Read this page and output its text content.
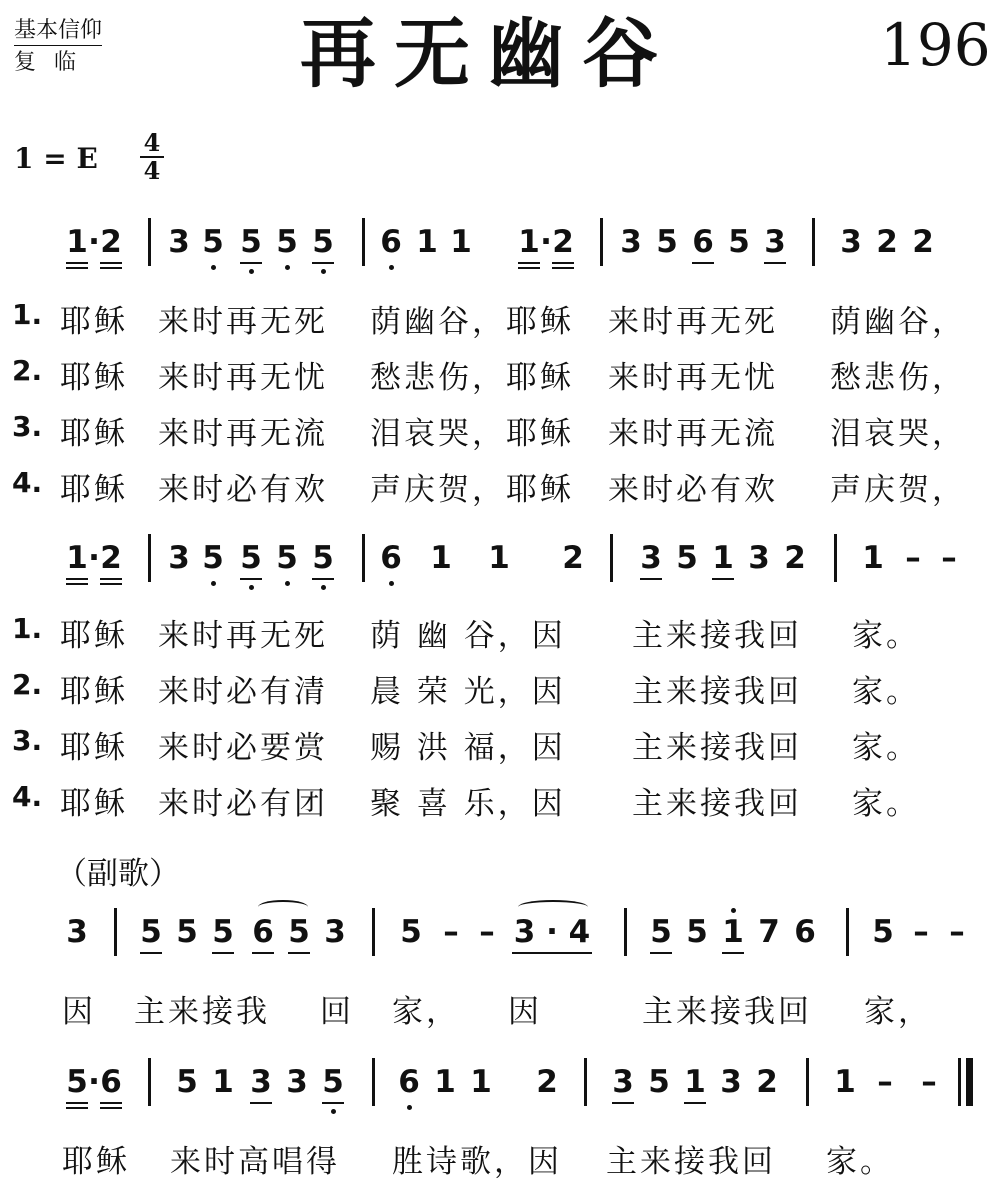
基本信仰
复临	再无幽谷	196
1 = E $\frac{4}{4}$
1 · 2 3 5 5 5 5 6 1 1 1 · 2 3 5 6 5 3 3 2 2
1. 耶稣 来时再无死 荫幽谷，耶稣 来时再无死 荫幽谷，
2. 耶稣 来时再无忧 愁悲伤，耶稣 来时再无忧 愁悲伤，
3. 耶稣 来时再无流 泪哀哭，耶稣 来时再无流 泪哀哭，
4. 耶稣 来时必有欢 声庆贺，耶稣 来时必有欢 声庆贺，
1 · 2 3 5 5 5 5 6 1 1 2 3 5 1 3 2 1 – –
1. 耶稣 来时再无死 荫 幽 谷，因 主来接我回 家。
2. 耶稣 来时必有清 晨 荣 光，因 主来接我回 家。
3. 耶稣 来时必要赏 赐 洪 福，因 主来接我回 家。
4. 耶稣 来时必有团 聚 喜 乐，因 主来接我回 家。
（副歌）
3 5 5 5 6 5 3 5 – – 3 · 4 5 5 1 7 6 5 – –
因 主来接我 回 家， 因	主来接我回 家，
5 · 6 5 1 3 3 5 6 1 1 2 3 5 1 3 2 1 – –
耶稣 来时高唱得 胜诗歌，因 主来接我回 家。
